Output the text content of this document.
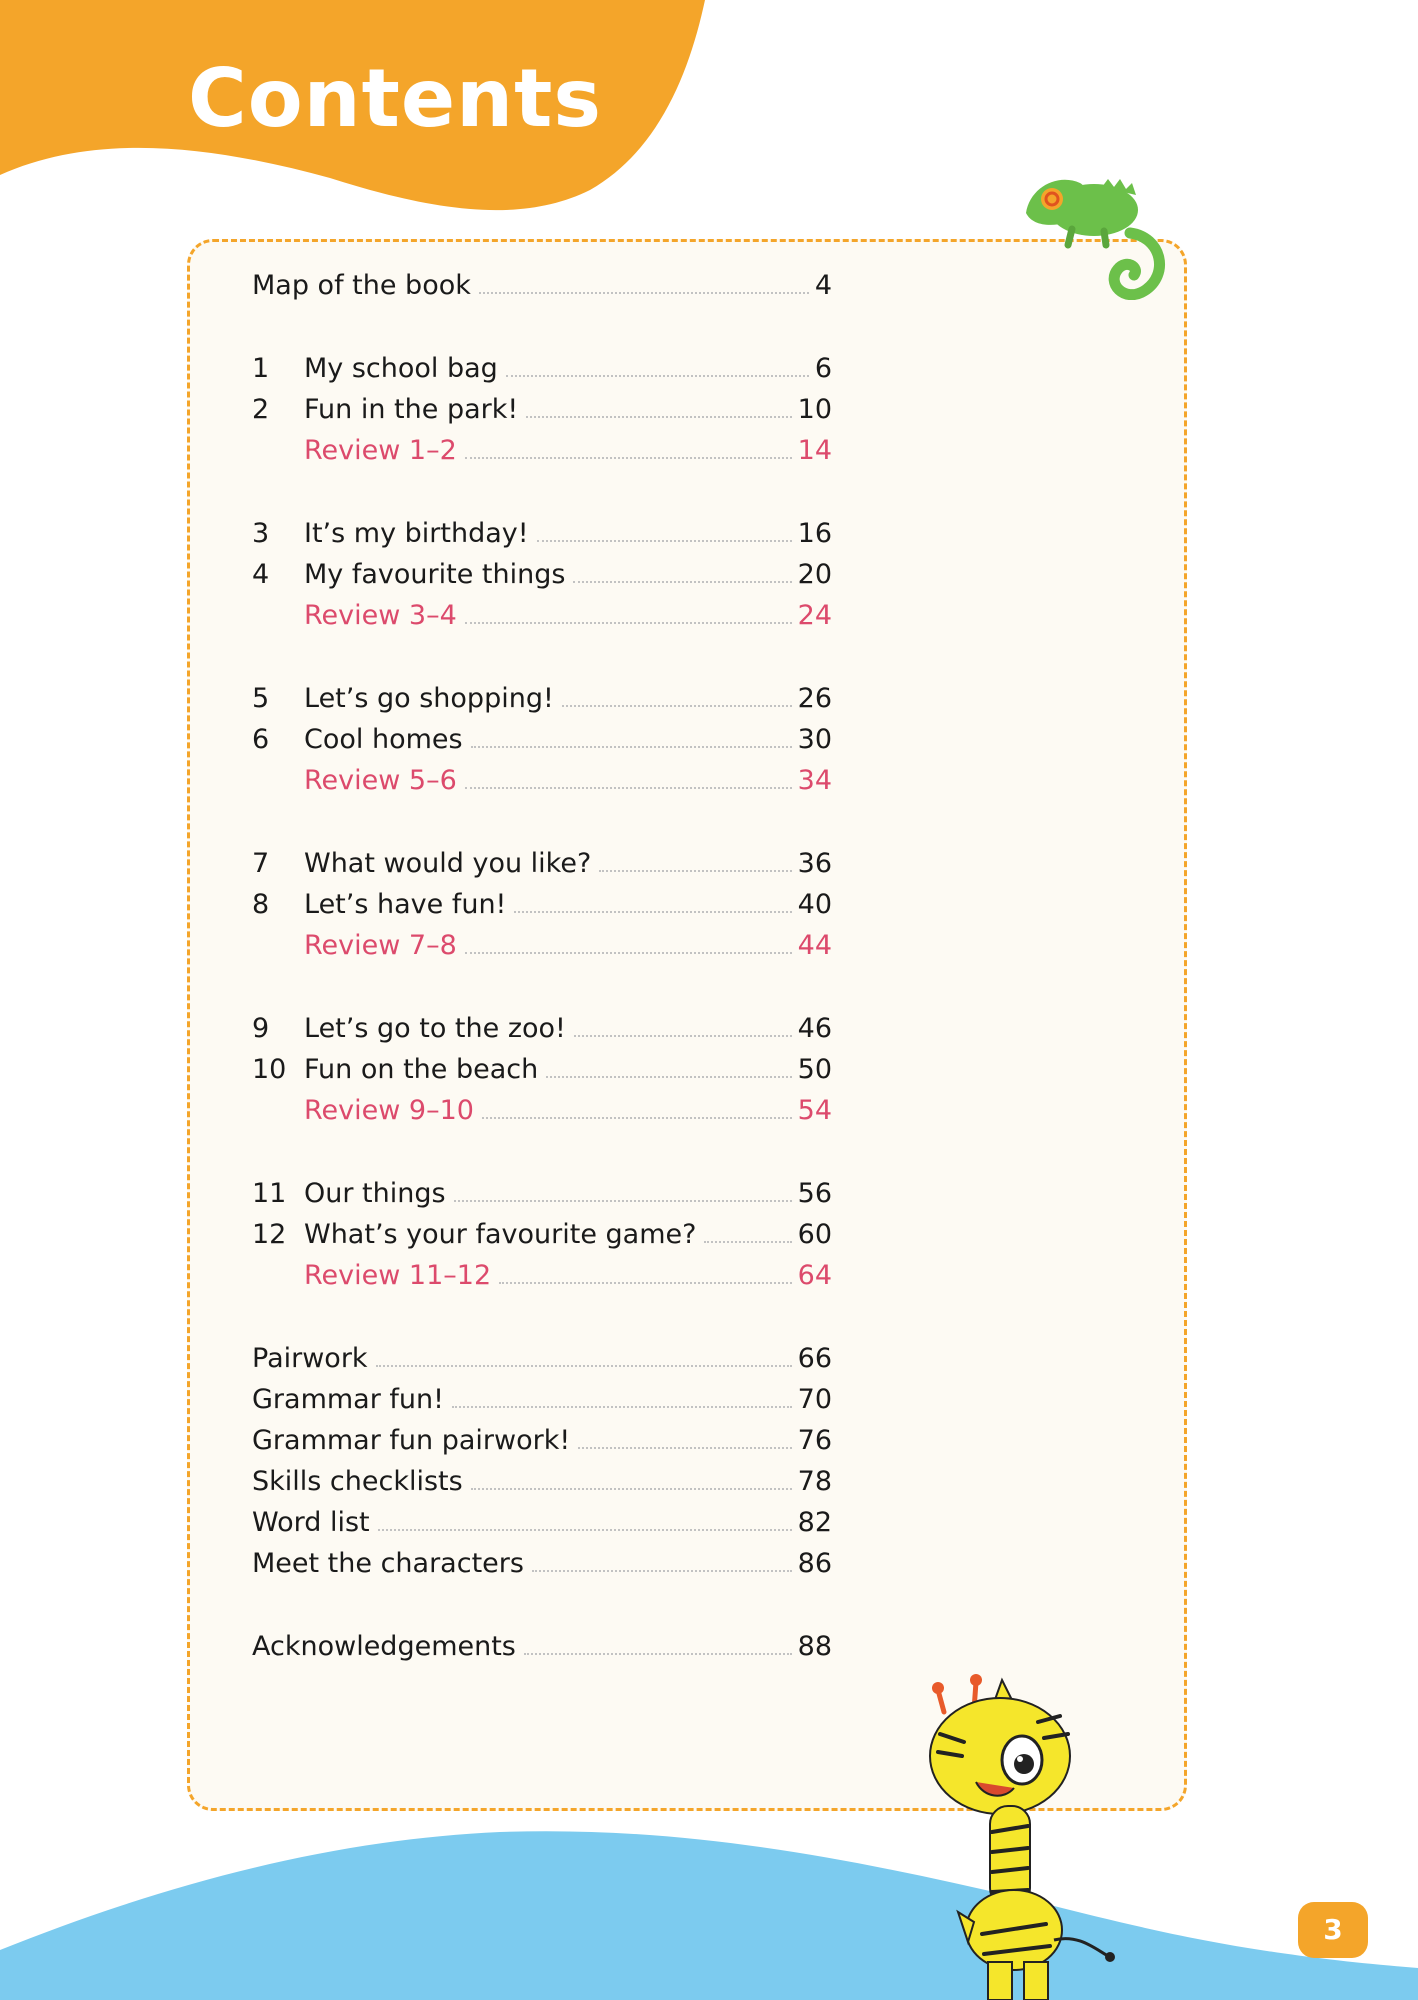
Contents
Map of the book	4
1	My school bag	6
2	Fun in the park!	10
Review 1–2	14
3	It’s my birthday!	16
4	My favourite things	20
Review 3–4	24
5	Let’s go shopping!	26
6	Cool homes	30
Review 5–6	34
7	What would you like?	36
8	Let’s have fun!	40
Review 7–8	44
9	Let’s go to the zoo!	46
10 Fun on the beach	50
Review 9–10	54
11 Our things	56
12 What’s your favourite game?	60
Review 11–12	64
Pairwork	66
Grammar fun!	70
Grammar fun pairwork!	76
Skills checklists	78
Word list	82
Meet the characters	86
Acknowledgements	88
3
